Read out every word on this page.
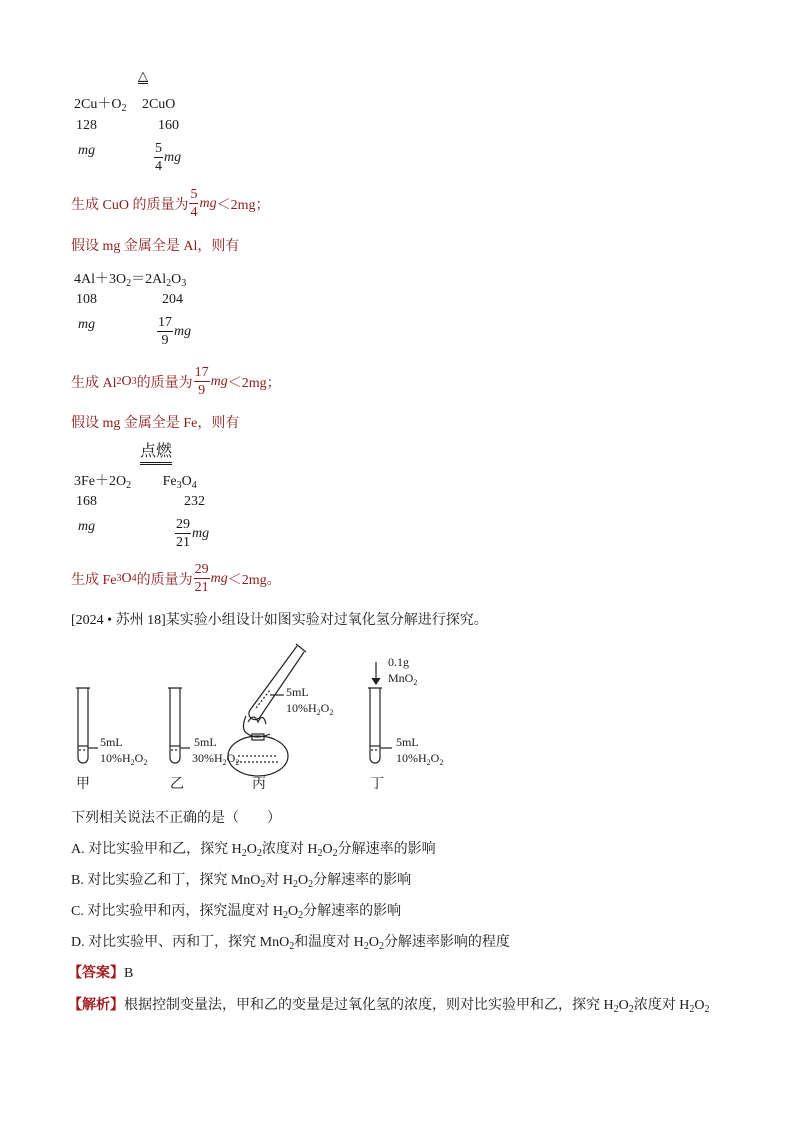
△
$2Cu+O_2$ 2CuO
128	160
mg	$\frac{5}{4}$ mg
生成 CuO 的质量为 $\frac{5}{4}$ mg ＜2mg；
假设 mg 金属全是 Al，则有
$4Al+3O_2=2Al_2O_3$
108	204
mg	$\frac{17}{9}$ mg
生成 Al 2 O 3 的质量为 $\frac{17}{9}$ mg ＜2mg；
假设 mg 金属全是 Fe，则有
点燃
$3Fe+2O_2$ $Fe_3O_4$
168	232
mg	$\frac{29}{21}$ mg
生成 Fe 3 O 4 的质量为 $\frac{29}{21}$ mg ＜2mg。
[2024 • 苏州 18]某实验小组设计如图实验对过氧化氢分解进行探究。
5mL
$10\%H_2O_2$
甲
5mL
$30\%H_2O_2$
乙
5mL
$10\%H_2O_2$
丙
0.1g
MnO$_2$
5mL
$10\%H_2O_2$
丁
下列相关说法不正确的是（　　）
A. 对比实验甲和乙，探究 $H_2O_2$浓度对 $H_2O_2$分解速率的影响
B. 对比实验乙和丁，探究 MnO$_2$对 $H_2O_2$分解速率的影响
C. 对比实验甲和丙，探究温度对 $H_2O_2$分解速率的影响
D. 对比实验甲、丙和丁，探究 MnO$_2$和温度对 $H_2O_2$分解速率影响的程度
【答案】B
【解析】根据控制变量法，甲和乙的变量是过氧化氢的浓度，则对比实验甲和乙，探究 $H_2O_2$浓度对 $H_2O_2$
